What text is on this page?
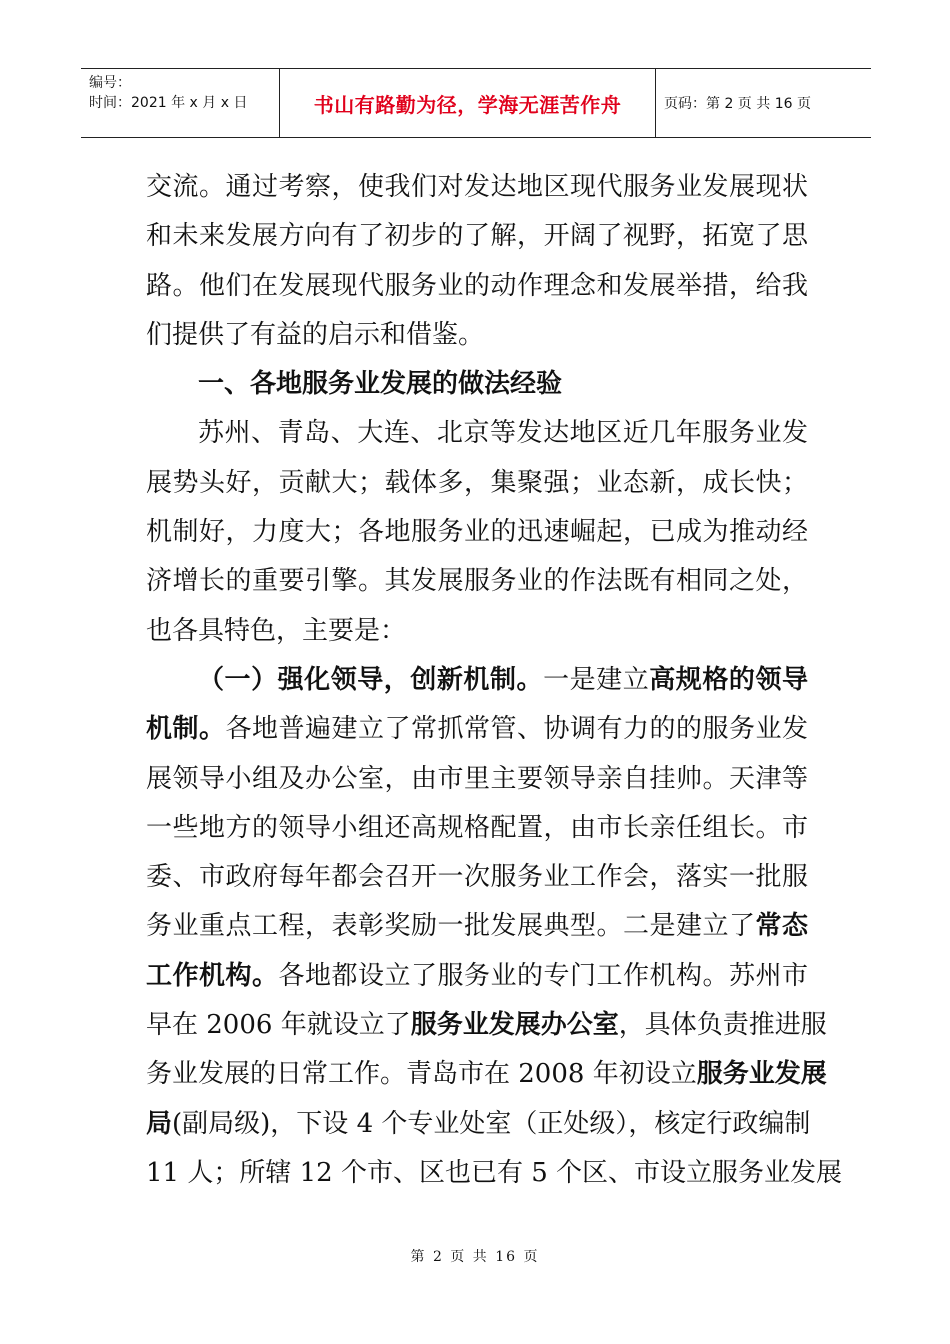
编号：
时间：2021 年 x 月 x 日	书山有路勤为径，学海无涯苦作舟	页码：第 2 页 共 16 页
交流。通过考察，使我们对发达地区现代服务业发展现状
和未来发展方向有了初步的了解，开阔了视野，拓宽了思
路。他们在发展现代服务业的动作理念和发展举措，给我
们提供了有益的启示和借鉴。
一、各地服务业发展的做法经验
苏州、青岛、大连、北京等发达地区近几年服务业发
展势头好，贡献大；载体多，集聚强；业态新，成长快；
机制好，力度大；各地服务业的迅速崛起，已成为推动经
济增长的重要引擎。其发展服务业的作法既有相同之处，
也各具特色，主要是：
（一）强化领导，创新机制。一是建立高规格的领导
机制。各地普遍建立了常抓常管、协调有力的的服务业发
展领导小组及办公室，由市里主要领导亲自挂帅。天津等
一些地方的领导小组还高规格配置，由市长亲任组长。市
委、市政府每年都会召开一次服务业工作会，落实一批服
务业重点工程，表彰奖励一批发展典型。二是建立了常态
工作机构。各地都设立了服务业的专门工作机构。苏州市
早在 2006 年就设立了服务业发展办公室，具体负责推进服
务业发展的日常工作。青岛市在 2008 年初设立服务业发展
局(副局级)，下设 4 个专业处室（正处级），核定行政编制
11 人；所辖 12 个市、区也已有 5 个区、市设立服务业发展
第 2 页 共 16 页
